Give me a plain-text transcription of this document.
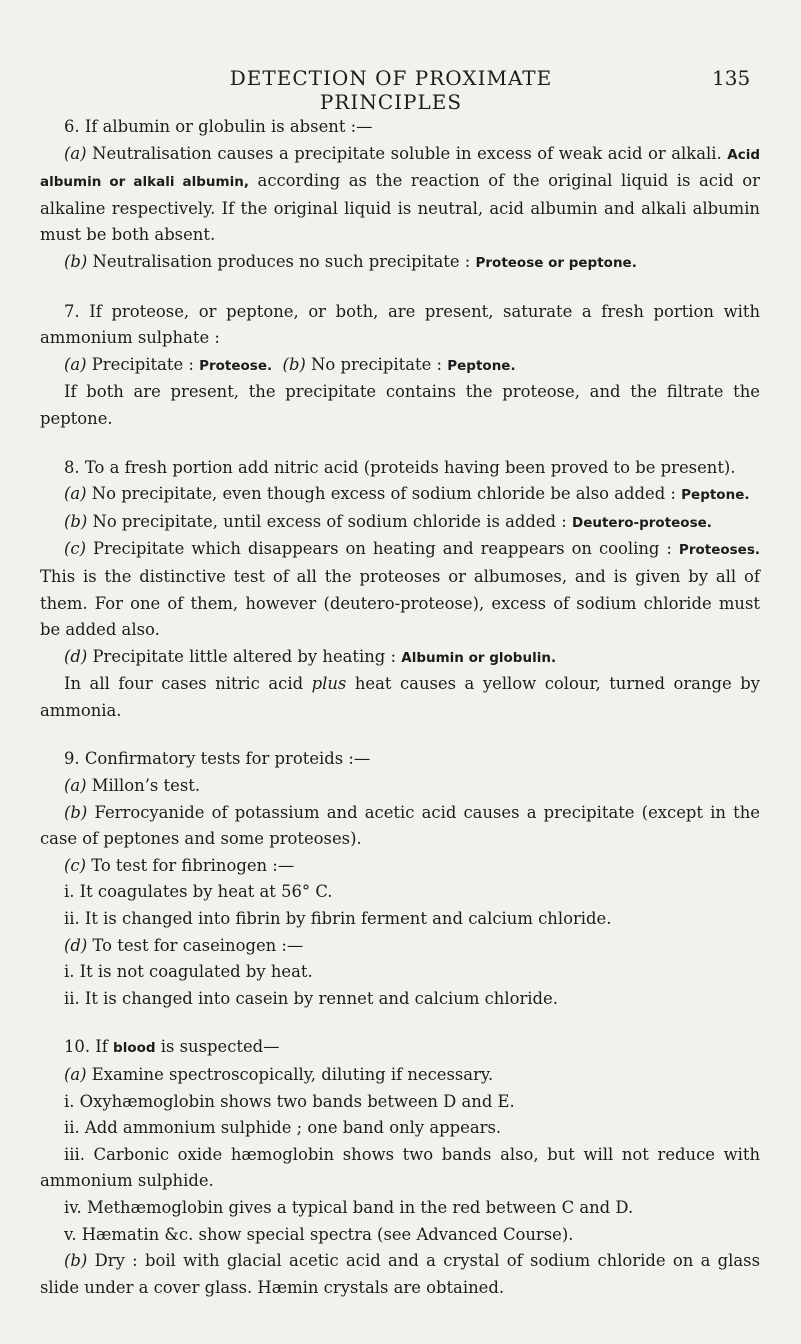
DETECTION OF PROXIMATE PRINCIPLES
135

6. If albumin or globulin is absent :—

(a) Neutralisation causes a precipitate soluble in excess of weak acid or alkali. Acid albumin or alkali albumin, according as the reaction of the original liquid is acid or alkaline respectively. If the original liquid is neutral, acid albumin and alkali albumin must be both absent.

(b) Neutralisation produces no such precipitate : Proteose or peptone.

7. If proteose, or peptone, or both, are present, saturate a fresh portion with ammonium sulphate :

(a) Precipitate : Proteose. (b) No precipitate : Peptone.

If both are present, the precipitate contains the proteose, and the filtrate the peptone.

8. To a fresh portion add nitric acid (proteids having been proved to be present).

(a) No precipitate, even though excess of sodium chloride be also added : Peptone.

(b) No precipitate, until excess of sodium chloride is added : Deutero-proteose.

(c) Precipitate which disappears on heating and reappears on cooling : Proteoses. This is the distinctive test of all the proteoses or albumoses, and is given by all of them. For one of them, however (deutero-proteose), excess of sodium chloride must be added also.

(d) Precipitate little altered by heating : Albumin or globulin.

In all four cases nitric acid plus heat causes a yellow colour, turned orange by ammonia.

9. Confirmatory tests for proteids :—

(a) Millon’s test.

(b) Ferrocyanide of potassium and acetic acid causes a precipitate (except in the case of peptones and some proteoses).

(c) To test for fibrinogen :—

i. It coagulates by heat at 56° C.

ii. It is changed into fibrin by fibrin ferment and calcium chloride.

(d) To test for caseinogen :—

i. It is not coagulated by heat.

ii. It is changed into casein by rennet and calcium chloride.

10. If blood is suspected—

(a) Examine spectroscopically, diluting if necessary.

i. Oxyhæmoglobin shows two bands between D and E.

ii. Add ammonium sulphide ; one band only appears.

iii. Carbonic oxide hæmoglobin shows two bands also, but will not reduce with ammonium sulphide.

iv. Methæmoglobin gives a typical band in the red between C and D.

v. Hæmatin &c. show special spectra (see Advanced Course).

(b) Dry : boil with glacial acetic acid and a crystal of sodium chloride on a glass slide under a cover glass. Hæmin crystals are obtained.
